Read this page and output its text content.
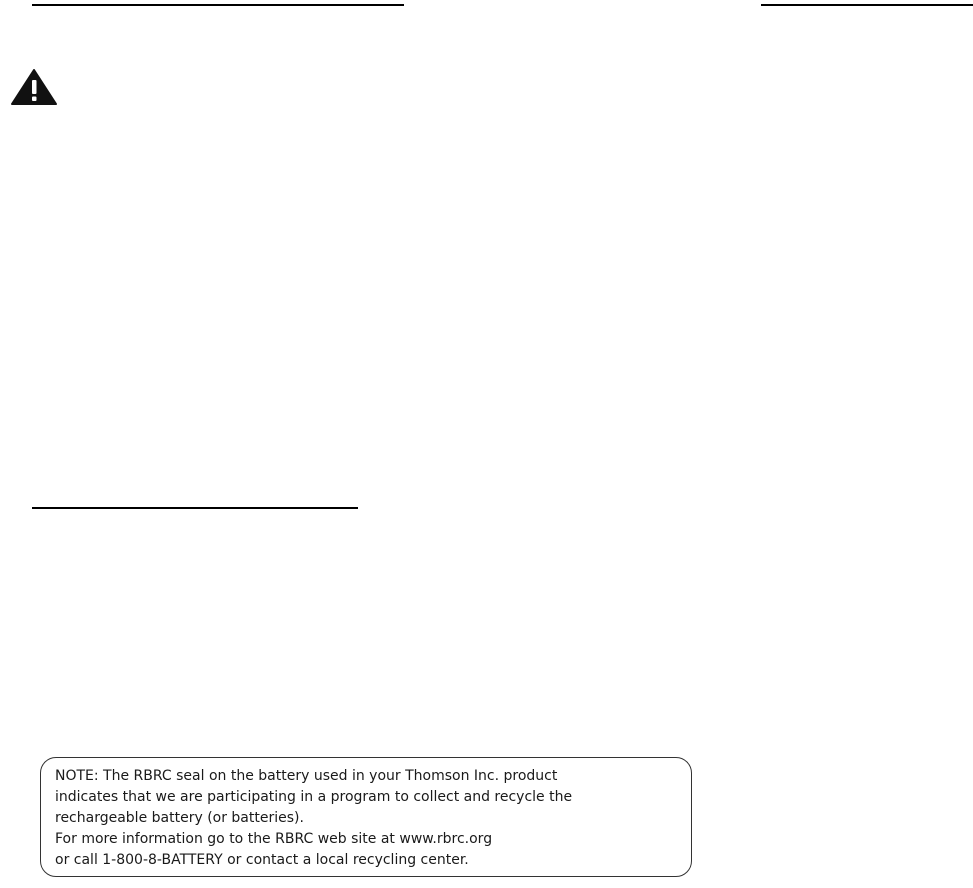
NOTE: The RBRC seal on the battery used in your Thomson Inc. product

indicates that we are participating in a program to collect and recycle the

rechargeable battery (or batteries).

For more information go to the RBRC web site at www.rbrc.org

or call 1-800-8-BATTERY or contact a local recycling center.
